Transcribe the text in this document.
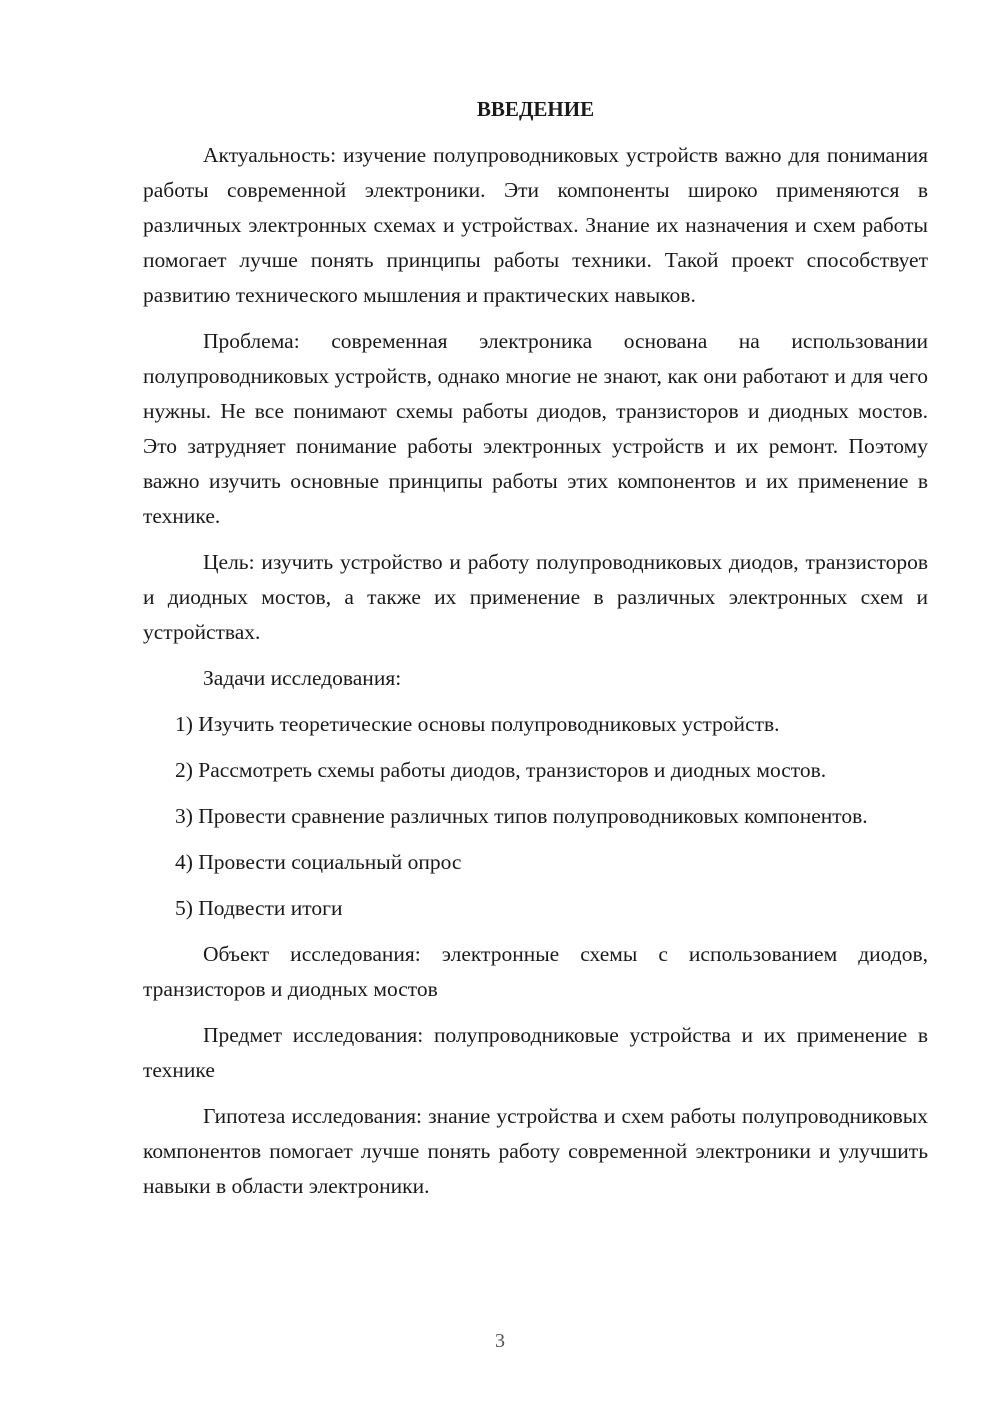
ВВЕДЕНИЕ

Актуальность: изучение полупроводниковых устройств важно для понимания работы современной электроники. Эти компоненты широко применяются в различных электронных схемах и устройствах. Знание их назначения и схем работы помогает лучше понять принципы работы техники. Такой проект способствует развитию технического мышления и практических навыков.

Проблема: современная электроника основана на использовании полупроводниковых устройств, однако многие не знают, как они работают и для чего нужны. Не все понимают схемы работы диодов, транзисторов и диодных мостов. Это затрудняет понимание работы электронных устройств и их ремонт. Поэтому важно изучить основные принципы работы этих компонентов и их применение в технике.

Цель: изучить устройство и работу полупроводниковых диодов, транзисторов и диодных мостов, а также их применение в различных электронных схем и устройствах.

Задачи исследования:

1) Изучить теоретические основы полупроводниковых устройств.

2) Рассмотреть схемы работы диодов, транзисторов и диодных мостов.

3) Провести сравнение различных типов полупроводниковых компонентов.

4) Провести социальный опрос

5) Подвести итоги

Объект исследования: электронные схемы с использованием диодов, транзисторов и диодных мостов

Предмет исследования: полупроводниковые устройства и их применение в технике

Гипотеза исследования: знание устройства и схем работы полупроводниковых компонентов помогает лучше понять работу современной электроники и улучшить навыки в области электроники.

3
